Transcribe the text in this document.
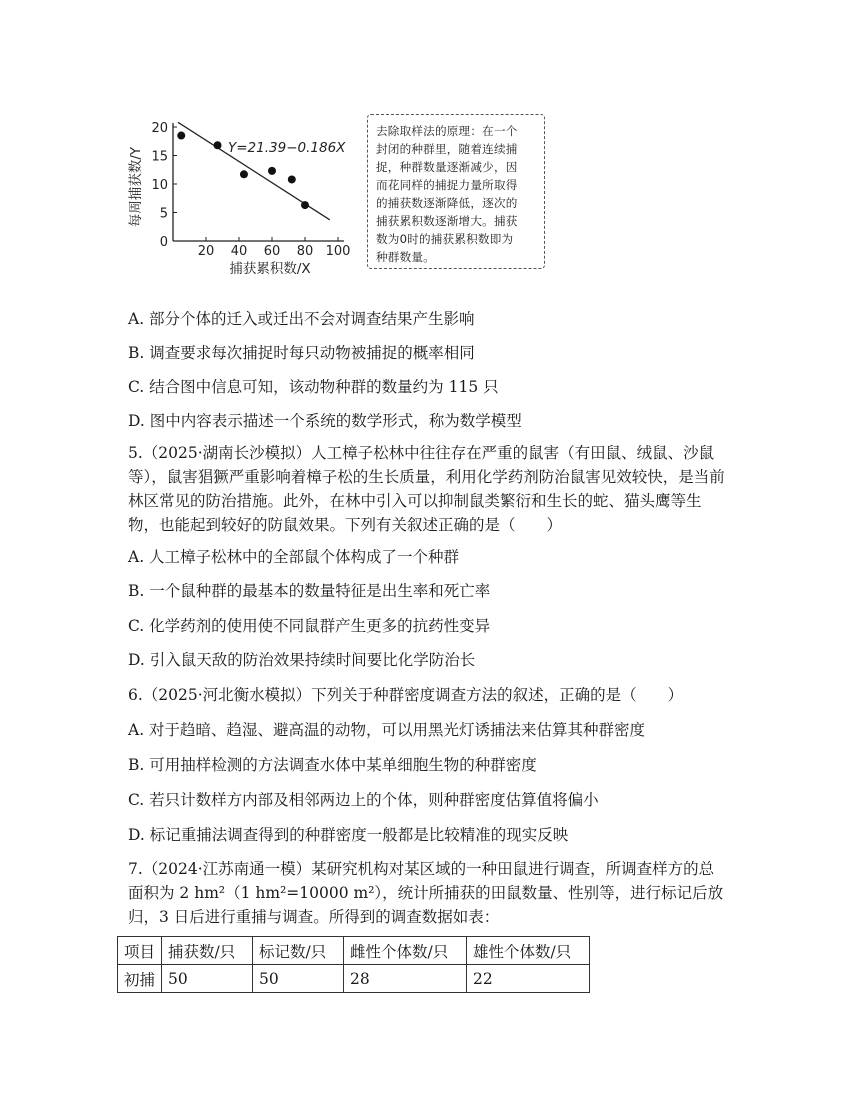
0
5
10
15
20
20 40 60 80 100
Y=21.39−0.186X
每周捕获数/Y
捕获累积数/X
去除取样法的原理：在一个
封闭的种群里，随着连续捕
捉，种群数量逐渐减少，因
而花同样的捕捉力量所取得
的捕获数逐渐降低，逐次的
捕获累积数逐渐增大。捕获
数为0时的捕获累积数即为
种群数量。
A. 部分个体的迁入或迁出不会对调查结果产生影响
B. 调查要求每次捕捉时每只动物被捕捉的概率相同
C. 结合图中信息可知，该动物种群的数量约为 115 只
D. 图中内容表示描述一个系统的数学形式，称为数学模型
5.（2025·湖南长沙模拟）人工樟子松林中往往存在严重的鼠害（有田鼠、绒鼠、沙鼠等），鼠害猖獗严重影响着樟子松的生长质量，利用化学药剂防治鼠害见效较快，是当前林区常见的防治措施。此外，在林中引入可以抑制鼠类繁衍和生长的蛇、猫头鹰等生物，也能起到较好的防鼠效果。下列有关叙述正确的是（　　）
A. 人工樟子松林中的全部鼠个体构成了一个种群
B. 一个鼠种群的最基本的数量特征是出生率和死亡率
C. 化学药剂的使用使不同鼠群产生更多的抗药性变异
D. 引入鼠天敌的防治效果持续时间要比化学防治长
6.（2025·河北衡水模拟）下列关于种群密度调查方法的叙述，正确的是（　　）
A. 对于趋暗、趋湿、避高温的动物，可以用黑光灯诱捕法来估算其种群密度
B. 可用抽样检测的方法调查水体中某单细胞生物的种群密度
C. 若只计数样方内部及相邻两边上的个体，则种群密度估算值将偏小
D. 标记重捕法调查得到的种群密度一般都是比较精准的现实反映
7.（2024·江苏南通一模）某研究机构对某区域的一种田鼠进行调查，所调查样方的总面积为 2 hm²（1 hm²=10000 m²），统计所捕获的田鼠数量、性别等，进行标记后放归，3 日后进行重捕与调查。所得到的调查数据如表：
项目	捕获数/只	标记数/只	雌性个体数/只	雄性个体数/只
初捕	50	50	28	22
